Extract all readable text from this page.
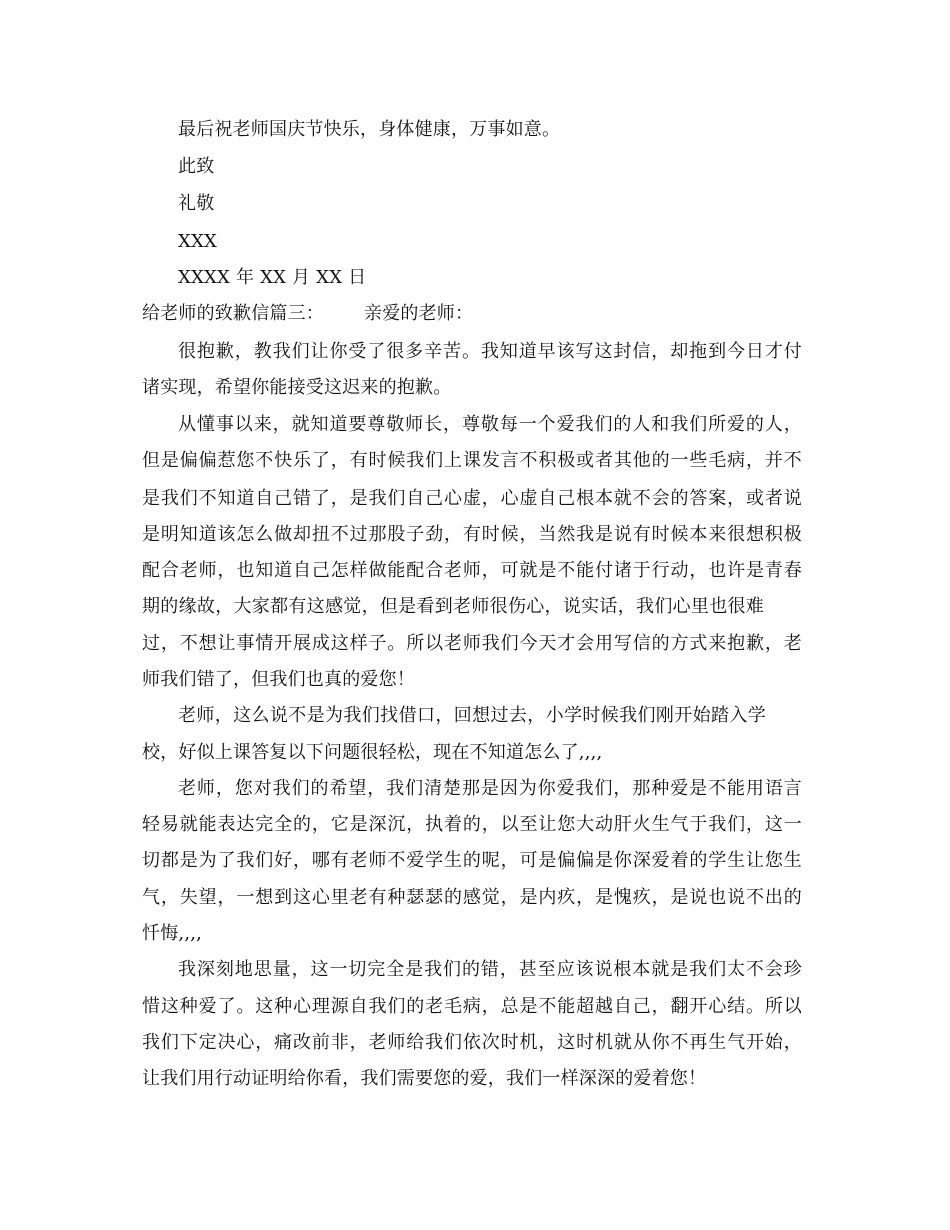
最后祝老师国庆节快乐，身体健康，万事如意。
此致
礼敬
XXX
XXXX 年 XX 月 XX 日
给老师的致歉信篇三： 亲爱的老师：
很抱歉，教我们让你受了很多辛苦。我知道早该写这封信，却拖到今日才付
诸实现，希望你能接受这迟来的抱歉。
从懂事以来，就知道要尊敬师长，尊敬每一个爱我们的人和我们所爱的人，
但是偏偏惹您不快乐了，有时候我们上课发言不积极或者其他的一些毛病，并不
是我们不知道自己错了，是我们自己心虚，心虚自己根本就不会的答案，或者说
是明知道该怎么做却扭不过那股子劲，有时候，当然我是说有时候本来很想积极
配合老师，也知道自己怎样做能配合老师，可就是不能付诸于行动，也许是青春
期的缘故，大家都有这感觉，但是看到老师很伤心，说实话，我们心里也很难
过，不想让事情开展成这样子。所以老师我们今天才会用写信的方式来抱歉，老
师我们错了，但我们也真的爱您！
老师，这么说不是为我们找借口，回想过去，小学时候我们刚开始踏入学
校，好似上课答复以下问题很轻松，现在不知道怎么了,,,,
老师，您对我们的希望，我们清楚那是因为你爱我们，那种爱是不能用语言
轻易就能表达完全的，它是深沉，执着的，以至让您大动肝火生气于我们，这一
切都是为了我们好，哪有老师不爱学生的呢，可是偏偏是你深爱着的学生让您生
气，失望，一想到这心里老有种瑟瑟的感觉，是内疚，是愧疚，是说也说不出的
忏悔,,,,
我深刻地思量，这一切完全是我们的错，甚至应该说根本就是我们太不会珍
惜这种爱了。这种心理源自我们的老毛病，总是不能超越自己，翻开心结。所以
我们下定决心，痛改前非，老师给我们依次时机，这时机就从你不再生气开始，
让我们用行动证明给你看，我们需要您的爱，我们一样深深的爱着您！
